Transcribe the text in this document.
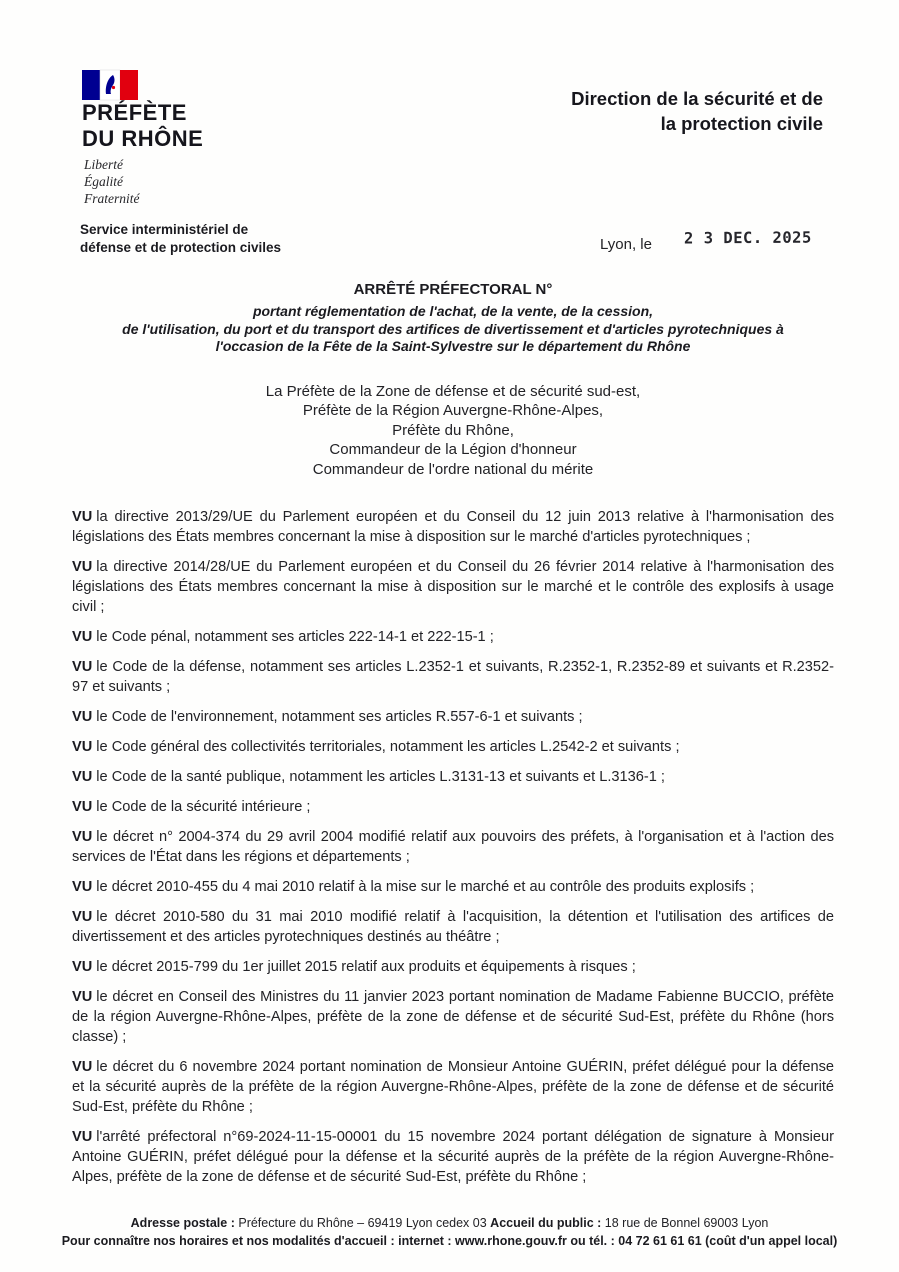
PRÉFÈTE
DU RHÔNE
Liberté
Égalité
Fraternité
Direction de la sécurité et de
la protection civile
Service interministériel de
défense et de protection civiles	Lyon, le 2 3 DEC. 2025
ARRÊTÉ PRÉFECTORAL N°
portant réglementation de l'achat, de la vente, de la cession,
de l'utilisation, du port et du transport des artifices de divertissement et d'articles pyrotechniques à
l'occasion de la Fête de la Saint-Sylvestre sur le département du Rhône
La Préfète de la Zone de défense et de sécurité sud-est,
Préfète de la Région Auvergne-Rhône-Alpes,
Préfète du Rhône,
Commandeur de la Légion d'honneur
Commandeur de l'ordre national du mérite

VU la directive 2013/29/UE du Parlement européen et du Conseil du 12 juin 2013 relative à l'harmonisation des législations des États membres concernant la mise à disposition sur le marché d'articles pyrotechniques ;

VU la directive 2014/28/UE du Parlement européen et du Conseil du 26 février 2014 relative à l'harmonisation des législations des États membres concernant la mise à disposition sur le marché et le contrôle des explosifs à usage civil ;

VU le Code pénal, notamment ses articles 222-14-1 et 222-15-1 ;

VU le Code de la défense, notamment ses articles L.2352-1 et suivants, R.2352-1, R.2352-89 et suivants et R.2352-97 et suivants ;

VU le Code de l'environnement, notamment ses articles R.557-6-1 et suivants ;

VU le Code général des collectivités territoriales, notamment les articles L.2542-2 et suivants ;

VU le Code de la santé publique, notamment les articles L.3131-13 et suivants et L.3136-1 ;

VU le Code de la sécurité intérieure ;

VU le décret n° 2004-374 du 29 avril 2004 modifié relatif aux pouvoirs des préfets, à l'organisation et à l'action des services de l'État dans les régions et départements ;

VU le décret 2010-455 du 4 mai 2010 relatif à la mise sur le marché et au contrôle des produits explosifs ;

VU le décret 2010-580 du 31 mai 2010 modifié relatif à l'acquisition, la détention et l'utilisation des artifices de divertissement et des articles pyrotechniques destinés au théâtre ;

VU le décret 2015-799 du 1er juillet 2015 relatif aux produits et équipements à risques ;

VU le décret en Conseil des Ministres du 11 janvier 2023 portant nomination de Madame Fabienne BUCCIO, préfète de la région Auvergne-Rhône-Alpes, préfète de la zone de défense et de sécurité Sud-Est, préfète du Rhône (hors classe) ;

VU le décret du 6 novembre 2024 portant nomination de Monsieur Antoine GUÉRIN, préfet délégué pour la défense et la sécurité auprès de la préfète de la région Auvergne-Rhône-Alpes, préfète de la zone de défense et de sécurité Sud-Est, préfète du Rhône ;

VU l'arrêté préfectoral n°69-2024-11-15-00001 du 15 novembre 2024 portant délégation de signature à Monsieur Antoine GUÉRIN, préfet délégué pour la défense et la sécurité auprès de la préfète de la région Auvergne-Rhône-Alpes, préfète de la zone de défense et de sécurité Sud-Est, préfète du Rhône ;

Adresse postale : Préfecture du Rhône – 69419 Lyon cedex 03 Accueil du public : 18 rue de Bonnel 69003 Lyon
Pour connaître nos horaires et nos modalités d'accueil : internet : www.rhone.gouv.fr ou tél. : 04 72 61 61 61 (coût d'un appel local)
